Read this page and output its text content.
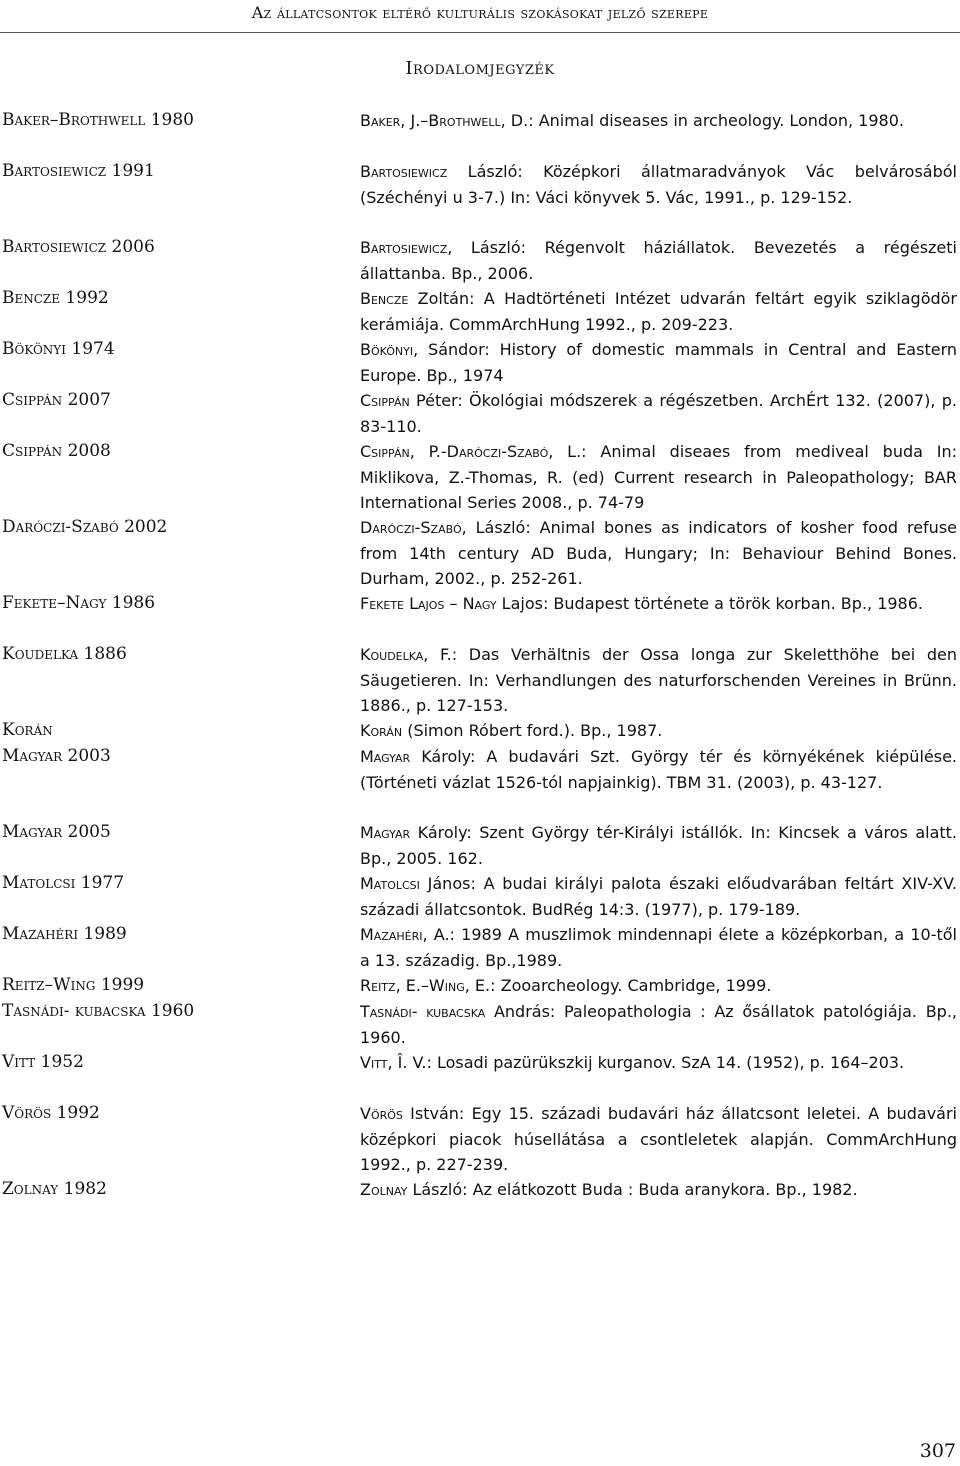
Az állatcsontok eltérő kulturális szokásokat jelző szerepe
Irodalomjegyzék
Baker–Brothwell 1980	Baker, J.–Brothwell, D.: Animal diseases in archeology. London, 1980.
Bartosiewicz 1991	Bartosiewicz László: Középkori állatmaradványok Vác belvárosából (Széchényi u 3-7.) In: Váci könyvek 5. Vác, 1991., p. 129-152.
Bartosiewicz 2006	Bartosiewicz, László: Régenvolt háziállatok. Bevezetés a régészeti állattanba. Bp., 2006.
Bencze 1992	Bencze Zoltán: A Hadtörténeti Intézet udvarán feltárt egyik sziklagödör kerámiája. CommArchHung 1992., p. 209-223.
Bökönyi 1974	Bökönyi, Sándor: History of domestic mammals in Central and Eastern Europe. Bp., 1974
Csippán 2007	Csippán Péter: Ökológiai módszerek a régészetben. ArchÉrt 132. (2007), p. 83-110.
Csippán 2008	Csippán, P.-Daróczi-Szabó, L.: Animal diseaes from mediveal buda In: Miklikova, Z.-Thomas, R. (ed) Current research in Paleopathology; BAR International Series 2008., p. 74-79
Daróczi-Szabó 2002	Daróczi-Szabó, László: Animal bones as indicators of kosher food refuse from 14th century AD Buda, Hungary; In: Behaviour Behind Bones. Durham, 2002., p. 252-261.
Fekete–Nagy 1986	Fekete Lajos – Nagy Lajos: Budapest története a török korban. Bp., 1986.
Koudelka 1886	Koudelka, F.: Das Verhältnis der Ossa longa zur Skeletthöhe bei den Säugetieren. In: Verhandlungen des naturforschenden Vereines in Brünn. 1886., p. 127-153.
Korán	Korán (Simon Róbert ford.). Bp., 1987.
Magyar 2003	Magyar Károly: A budavári Szt. György tér és környékének kiépülése. (Történeti vázlat 1526-tól napjainkig). TBM 31. (2003), p. 43-127.
Magyar 2005	Magyar Károly: Szent György tér-Királyi istállók. In: Kincsek a város alatt. Bp., 2005. 162.
Matolcsi 1977	Matolcsi János: A budai királyi palota északi előudvarában feltárt XIV-XV. századi állatcsontok. BudRég 14:3. (1977), p. 179-189.
Mazahéri 1989	Mazahéri, A.: 1989 A muszlimok mindennapi élete a középkorban, a 10-től a 13. századig. Bp.,1989.
Reitz–Wing 1999	Reitz, E.–Wing, E.: Zooarcheology. Cambridge, 1999.
Tasnádi- kubacska 1960	Tasnádi- kubacska András: Paleopathologia : Az ősállatok patológiája. Bp., 1960.
Vitt 1952	Vitt, Î. V.: Losadi pazürükszkij kurganov. SzA 14. (1952), p. 164–203.
Vörös 1992	Vörös István: Egy 15. századi budavári ház állatcsont leletei. A budavári középkori piacok húsellátása a csontleletek alapján. CommArchHung 1992., p. 227-239.
Zolnay 1982	Zolnay László: Az elátkozott Buda : Buda aranykora. Bp., 1982.
307
